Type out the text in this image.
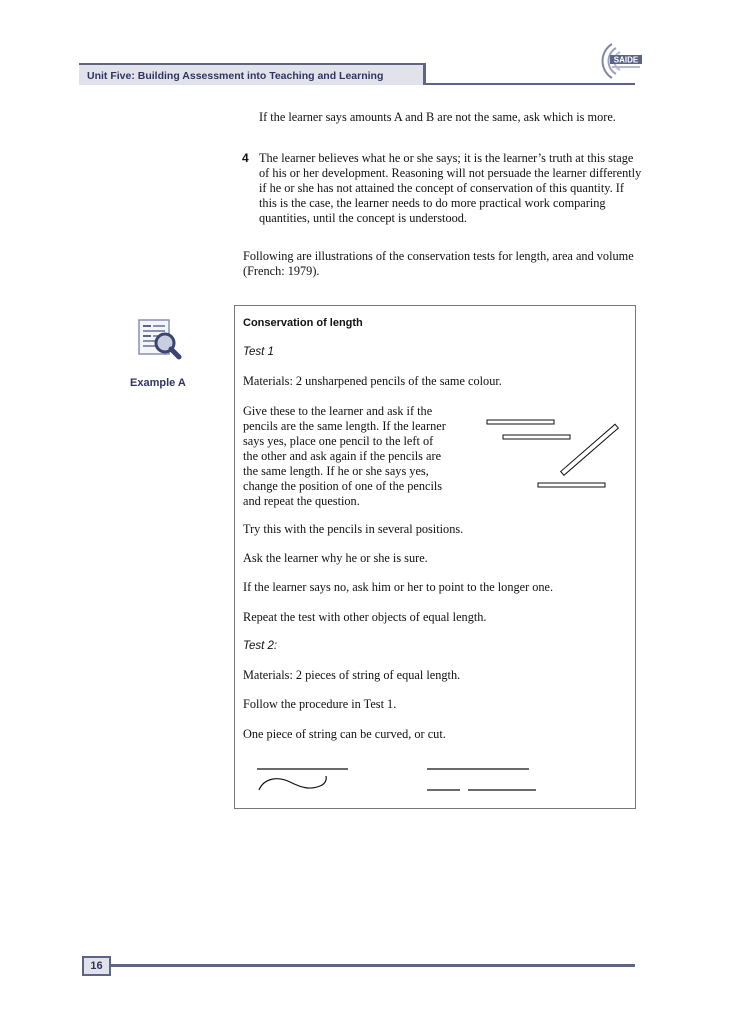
Unit Five: Building Assessment into Teaching and Learning
SAIDE
If the learner says amounts A and B are not the same, ask which is more.
4 The learner believes what he or she says; it is the learner’s truth at this stage of his or her development. Reasoning will not persuade the learner differently if he or she has not attained the concept of conservation of this quantity. If this is the case, the learner needs to do more practical work comparing quantities, until the concept is understood.
Following are illustrations of the conservation tests for length, area and volume (French: 1979).
Example A
Conservation of length
Test 1
Materials: 2 unsharpened pencils of the same colour.
Give these to the learner and ask if the
pencils are the same length. If the learner
says yes, place one pencil to the left of
the other and ask again if the pencils are
the same length. If he or she says yes,
change the position of one of the pencils
and repeat the question.
Try this with the pencils in several positions.
Ask the learner why he or she is sure.
If the learner says no, ask him or her to point to the longer one.
Repeat the test with other objects of equal length.
Test 2:
Materials: 2 pieces of string of equal length.
Follow the procedure in Test 1.
One piece of string can be curved, or cut.
16
